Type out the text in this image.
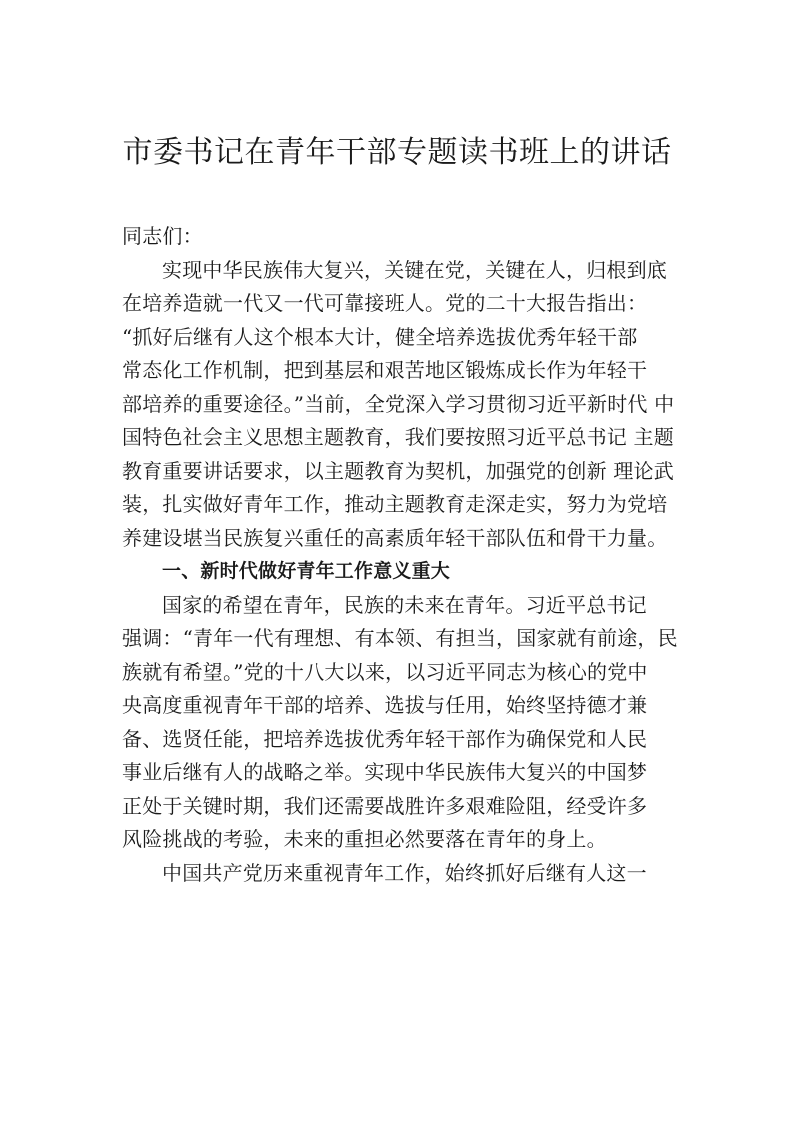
市委书记在青年干部专题读书班上的讲话
同志们：
实现中华民族伟大复兴，关键在党，关键在人，归根到底
在培养造就一代又一代可靠接班人。党的二十大报告指出：
“抓好后继有人这个根本大计，健全培养选拔优秀年轻干部
常态化工作机制，把到基层和艰苦地区锻炼成长作为年轻干
部培养的重要途径。”当前，全党深入学习贯彻习近平新时代 中
国特色社会主义思想主题教育，我们要按照习近平总书记 主题
教育重要讲话要求，以主题教育为契机，加强党的创新 理论武
装，扎实做好青年工作，推动主题教育走深走实，努力为党培
养建设堪当民族复兴重任的高素质年轻干部队伍和骨干力量。
一、新时代做好青年工作意义重大
国家的希望在青年，民族的未来在青年。习近平总书记
强调：“青年一代有理想、有本领、有担当，国家就有前途，民
族就有希望。”党的十八大以来，以习近平同志为核心的党中
央高度重视青年干部的培养、选拔与任用，始终坚持德才兼
备、选贤任能，把培养选拔优秀年轻干部作为确保党和人民
事业后继有人的战略之举。实现中华民族伟大复兴的中国梦
正处于关键时期，我们还需要战胜许多艰难险阻，经受许多
风险挑战的考验，未来的重担必然要落在青年的身上。
中国共产党历来重视青年工作，始终抓好后继有人这一
